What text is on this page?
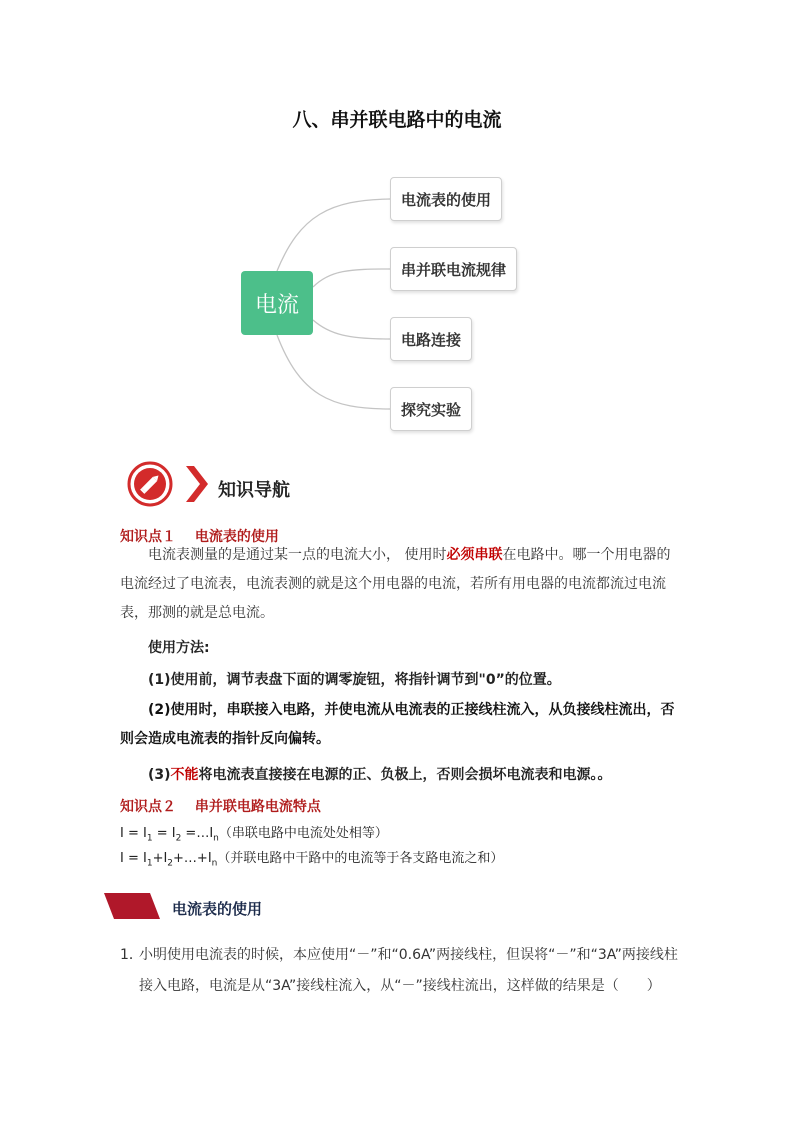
八、串并联电路中的电流
电流
电流表的使用
串并联电流规律
电路连接
探究实验
知识导航
知识点１　 电流表的使用
电流表测量的是通过某一点的电流大小， 使用时必须串联在电路中。哪一个用电器的电流经过了电流表，电流表测的就是这个用电器的电流，若所有用电器的电流都流过电流表，那测的就是总电流。
使用方法:
(1)使用前，调节表盘下面的调零旋钮，将指针调节到"0”的位置。
(2)使用时，串联接入电路，并使电流从电流表的正接线柱流入，从负接线柱流出，否则会造成电流表的指针反向偏转。
(3)不能将电流表直接接在电源的正、负极上，否则会损坏电流表和电源。。
知识点２　 串并联电路电流特点
$I = I_1 = I_2$ $=\dots I_n$（串联电路中电流处处相等）
$I = I_1+I_2+\dots+I_n$（并联电路中干路中的电流等于各支路电流之和）
电流表的使用
1．
小明使用电流表的时候，本应使用“－”和“0.6A”两接线柱，但误将“－”和“3A”两接线柱接入电路，电流是从“3A”接线柱流入，从“－”接线柱流出，这样做的结果是（　　）
